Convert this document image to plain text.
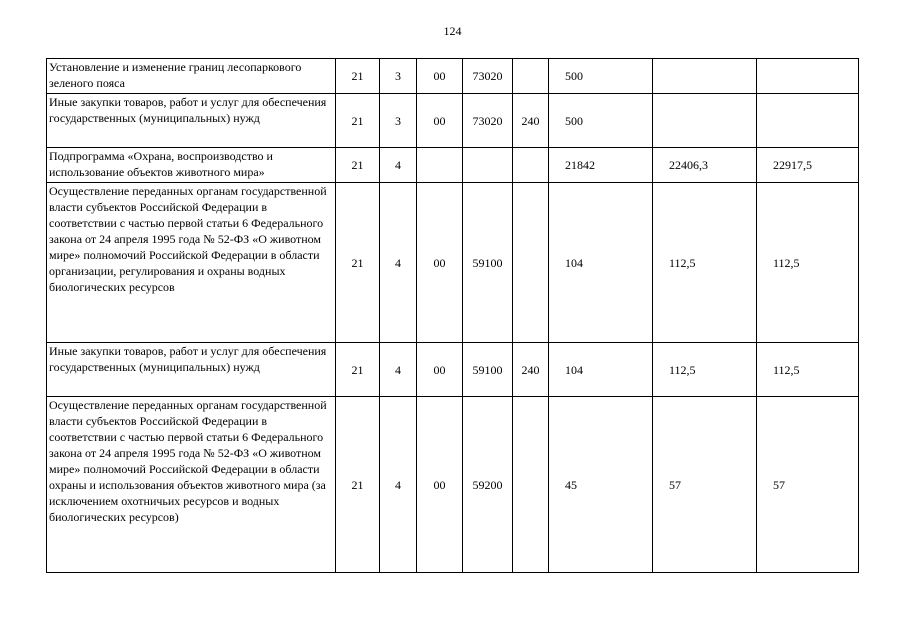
124
Установление и изменение границ лесопаркового зеленого пояса	21	3	00	73020		500		
Иные закупки товаров, работ и услуг для обеспечения государственных (муниципальных) нужд	21	3	00	73020	240	500		
Подпрограмма «Охрана, воспроизводство и использование объектов животного мира»	21	4				21842	22406,3	22917,5
Осуществление переданных органам государственной власти субъектов Российской Федерации в соответствии с частью первой статьи 6 Федерального закона от 24 апреля 1995 года № 52-ФЗ «О животном мире» полномочий Российской Федерации в области организации, регулирования и охраны водных биологических ресурсов	21	4	00	59100		104	112,5	112,5
Иные закупки товаров, работ и услуг для обеспечения государственных (муниципальных) нужд	21	4	00	59100	240	104	112,5	112,5
Осуществление переданных органам государственной власти субъектов Российской Федерации в соответствии с частью первой статьи 6 Федерального закона от 24 апреля 1995 года № 52-ФЗ «О животном мире» полномочий Российской Федерации в области охраны и использования объектов животного мира (за исключением охотничьих ресурсов и водных биологических ресурсов)	21	4	00	59200		45	57	57
